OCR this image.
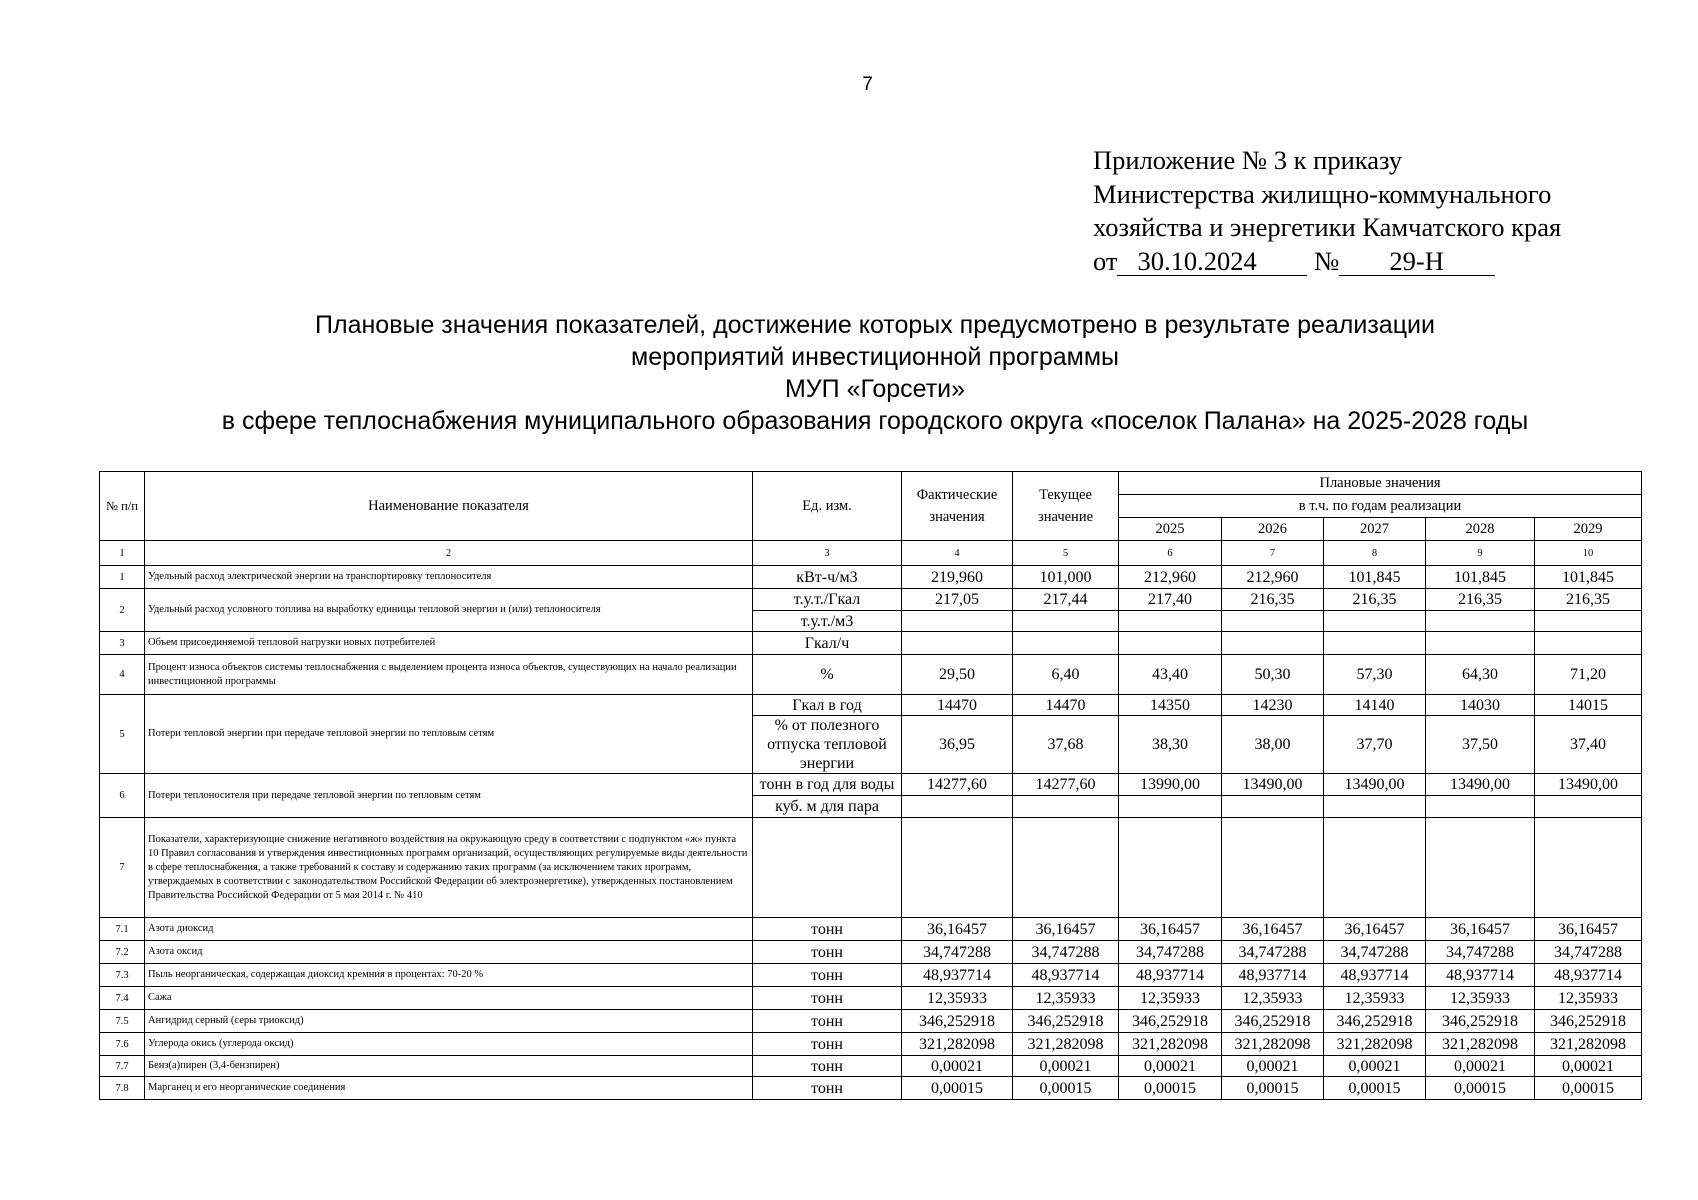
7
Приложение № 3 к приказу
Министерства жилищно-коммунального
хозяйства и энергетики Камчатского края
от 30.10.2024 № 29-Н
Плановые значения показателей, достижение которых предусмотрено в результате реализации
мероприятий инвестиционной программы
МУП «Горсети»
в сфере теплоснабжения муниципального образования городского округа «поселок Палана» на 2025-2028 годы
№ п/п	Наименование показателя	Ед. изм.	Фактические значения	Текущее значение	Плановые значения				
					в т.ч. по годам реализации				
					2025	2026	2027	2028	2029
1	2	3	4	5	6	7	8	9	10
1	Удельный расход электрической энергии на транспортировку теплоносителя	кВт-ч/м3	219,960	101,000	212,960	212,960	101,845	101,845	101,845
2	Удельный расход условного топлива на выработку единицы тепловой энергии и (или) теплоносителя	т.у.т./Гкал	217,05	217,44	217,40	216,35	216,35	216,35	216,35
		т.у.т./м3							
3	Объем присоединяемой тепловой нагрузки новых потребителей	Гкал/ч							
4	Процент износа объектов системы теплоснабжения с выделением процента износа объектов, существующих на начало реализации инвестиционной программы	%	29,50	6,40	43,40	50,30	57,30	64,30	71,20
5	Потери тепловой энергии при передаче тепловой энергии по тепловым сетям	Гкал в год	14470	14470	14350	14230	14140	14030	14015
		% от полезного отпуска тепловой энергии	36,95	37,68	38,30	38,00	37,70	37,50	37,40
6	Потери теплоносителя при передаче тепловой энергии по тепловым сетям	тонн в год для воды	14277,60	14277,60	13990,00	13490,00	13490,00	13490,00	13490,00
		куб. м для пара							
7	Показатели, характеризующие снижение негативного воздействия на окружающую среду в соответствии с подпунктом «ж» пункта 10 Правил согласования и утверждения инвестиционных программ организаций, осуществляющих регулируемые виды деятельности в сфере теплоснабжения, а также требований к составу и содержанию таких программ (за исключением таких программ, утверждаемых в соответствии с законодательством Российской Федерации об электроэнергетике), утвержденных постановлением Правительства Российской Федерации от 5 мая 2014 г. № 410								
7.1	Азота диоксид	тонн	36,16457	36,16457	36,16457	36,16457	36,16457	36,16457	36,16457
7.2	Азота оксид	тонн	34,747288	34,747288	34,747288	34,747288	34,747288	34,747288	34,747288
7.3	Пыль неорганическая, содержащая диоксид кремния в процентах: 70-20 %	тонн	48,937714	48,937714	48,937714	48,937714	48,937714	48,937714	48,937714
7.4	Сажа	тонн	12,35933	12,35933	12,35933	12,35933	12,35933	12,35933	12,35933
7.5	Ангидрид серный (серы триоксид)	тонн	346,252918	346,252918	346,252918	346,252918	346,252918	346,252918	346,252918
7.6	Углерода окись (углерода оксид)	тонн	321,282098	321,282098	321,282098	321,282098	321,282098	321,282098	321,282098
7.7	Бенз(а)пирен (3,4-бензпирен)	тонн	0,00021	0,00021	0,00021	0,00021	0,00021	0,00021	0,00021
7.8	Марганец и его неорганические соединения	тонн	0,00015	0,00015	0,00015	0,00015	0,00015	0,00015	0,00015
